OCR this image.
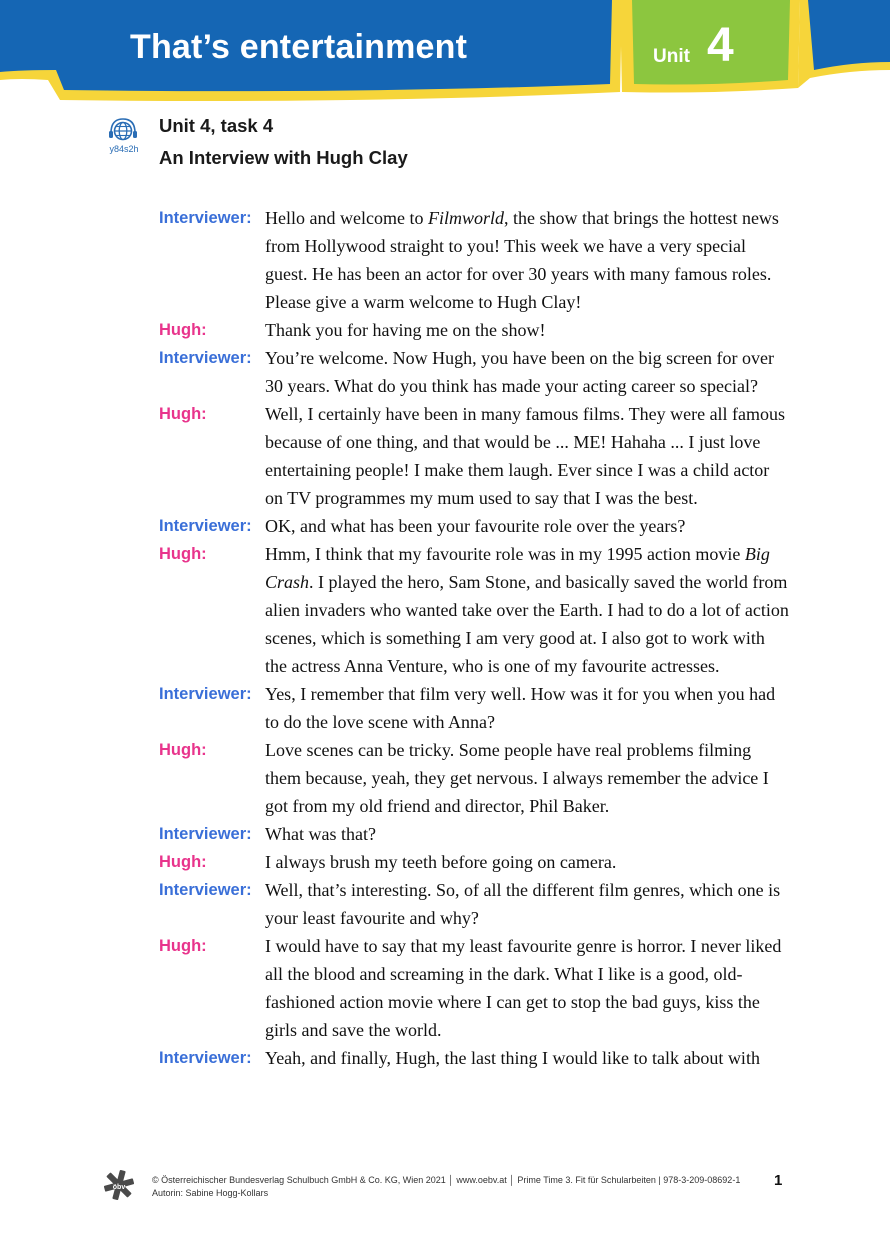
That’s entertainment	Unit 4
y84s2h
Unit 4, task 4
An Interview with Hugh Clay
Interviewer: Hello and welcome to Filmworld, the show that brings the hottest news from Hollywood straight to you! This week we have a very special guest. He has been an actor for over 30 years with many famous roles. Please give a warm welcome to Hugh Clay!
Hugh:	Thank you for having me on the show!
Interviewer: You’re welcome. Now Hugh, you have been on the big screen for over 30 years. What do you think has made your acting career so special?
Hugh:	Well, I certainly have been in many famous films. They were all famous because of one thing, and that would be ... ME! Hahaha ... I just love entertaining people! I make them laugh. Ever since I was a child actor on TV programmes my mum used to say that I was the best.
Interviewer: OK, and what has been your favourite role over the years?
Hugh:	Hmm, I think that my favourite role was in my 1995 action movie Big Crash. I played the hero, Sam Stone, and basically saved the world from alien invaders who wanted take over the Earth. I had to do a lot of action scenes, which is something I am very good at. I also got to work with the actress Anna Venture, who is one of my favourite actresses.
Interviewer: Yes, I remember that film very well. How was it for you when you had to do the love scene with Anna?
Hugh:	Love scenes can be tricky. Some people have real problems filming them because, yeah, they get nervous. I always remember the advice I got from my old friend and director, Phil Baker.
Interviewer: What was that?
Hugh:	I always brush my teeth before going on camera.
Interviewer: Well, that’s interesting. So, of all the different film genres, which one is your least favourite and why?
Hugh:	I would have to say that my least favourite genre is horror. I never liked all the blood and screaming in the dark. What I like is a good, old-fashioned action movie where I can get to stop the bad guys, kiss the girls and save the world.
Interviewer: Yeah, and finally, Hugh, the last thing I would like to talk about with
öbv
© Österreichischer Bundesverlag Schulbuch GmbH & Co. KG, Wien 2021 │ www.oebv.at │ Prime Time 3. Fit für Schularbeiten | 978-3-209-08692-1
Autorin: Sabine Hogg-Kollars
1
